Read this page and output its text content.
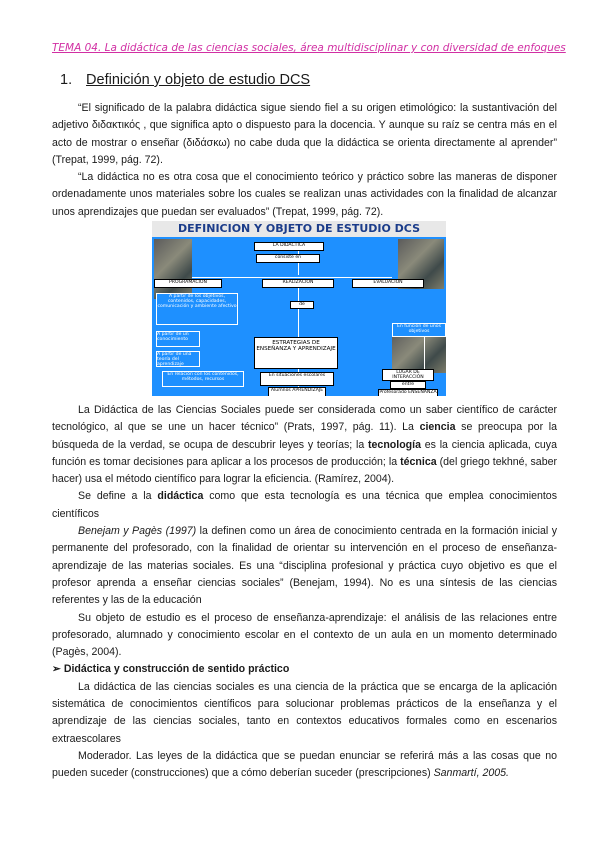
TEMA 04. La didáctica de las ciencias sociales, área multidisciplinar y con diversidad de enfoques
1. Definición y objeto de estudio DCS

“El significado de la palabra didáctica sigue siendo fiel a su origen etimológico: la sustantivación del adjetivo διδακτικός , que significa apto o dispuesto para la docencia. Y aunque su raíz se centra más en el acto de mostrar o enseñar (διδάσκω) no cabe duda que la didáctica se orienta directamente al aprender” (Trepat, 1999, pág. 72).

“La didáctica no es otra cosa que el conocimiento teórico y práctico sobre las maneras de disponer ordenadamente unos materiales sobre los cuales se realizan unas actividades con la finalidad de alcanzar unos aprendizajes que puedan ser evaluados” (Trepat, 1999, pág. 72).

DEFINICION Y OBJETO DE ESTUDIO DCS
LA DIDÁCTICA
consiste en
PROGRAMACIÓN	REALIZACIÓN	EVALUACIÓN
de
A partir de los objetivos, contenidos, capacidades, comunicación y ambiente afectivo
A partir de un conocimiento
A partir de una teoría del aprendizaje
En relación con los contenidos, métodos, recursos
ESTRATEGIAS DE ENSEÑANZA Y APRENDIZAJE
En función de unos objetivos
En situaciones escolares
LUGAR DE INTERACCIÓN
entre
Alumnos APRENDIZAJE	Profesorado ENSEÑANZA

La Didáctica de las Ciencias Sociales puede ser considerada como un saber científico de carácter tecnológico, al que se une un hacer técnico” (Prats, 1997, pág. 11). La ciencia se preocupa por la búsqueda de la verdad, se ocupa de descubrir leyes y teorías; la tecnología es la ciencia aplicada, cuya función es tomar decisiones para aplicar a los procesos de producción; la técnica (del griego tekhné, saber hacer) usa el método científico para lograr la eficiencia. (Ramírez, 2004).

Se define a la didáctica como que esta tecnología es una técnica que emplea conocimientos científicos

Benejam y Pagès (1997) la definen como un área de conocimiento centrada en la formación inicial y permanente del profesorado, con la finalidad de orientar su intervención en el proceso de enseñanza-aprendizaje de las materias sociales. Es una “disciplina profesional y práctica cuyo objetivo es que el profesor aprenda a enseñar ciencias sociales” (Benejam, 1994). No es una síntesis de las ciencias referentes y las de la educación

Su objeto de estudio es el proceso de enseñanza-aprendizaje: el análisis de las relaciones entre profesorado, alumnado y conocimiento escolar en el contexto de un aula en un momento determinado (Pagès, 2004).

➢ Didáctica y construcción de sentido práctico

La didáctica de las ciencias sociales es una ciencia de la práctica que se encarga de la aplicación sistemática de conocimientos científicos para solucionar problemas prácticos de la enseñanza y el aprendizaje de las ciencias sociales, tanto en contextos educativos formales como en escenarios extraescolares

Moderador. Las leyes de la didáctica que se puedan enunciar se referirá más a las cosas que no pueden suceder (construcciones) que a cómo deberían suceder (prescripciones) Sanmartí, 2005.
